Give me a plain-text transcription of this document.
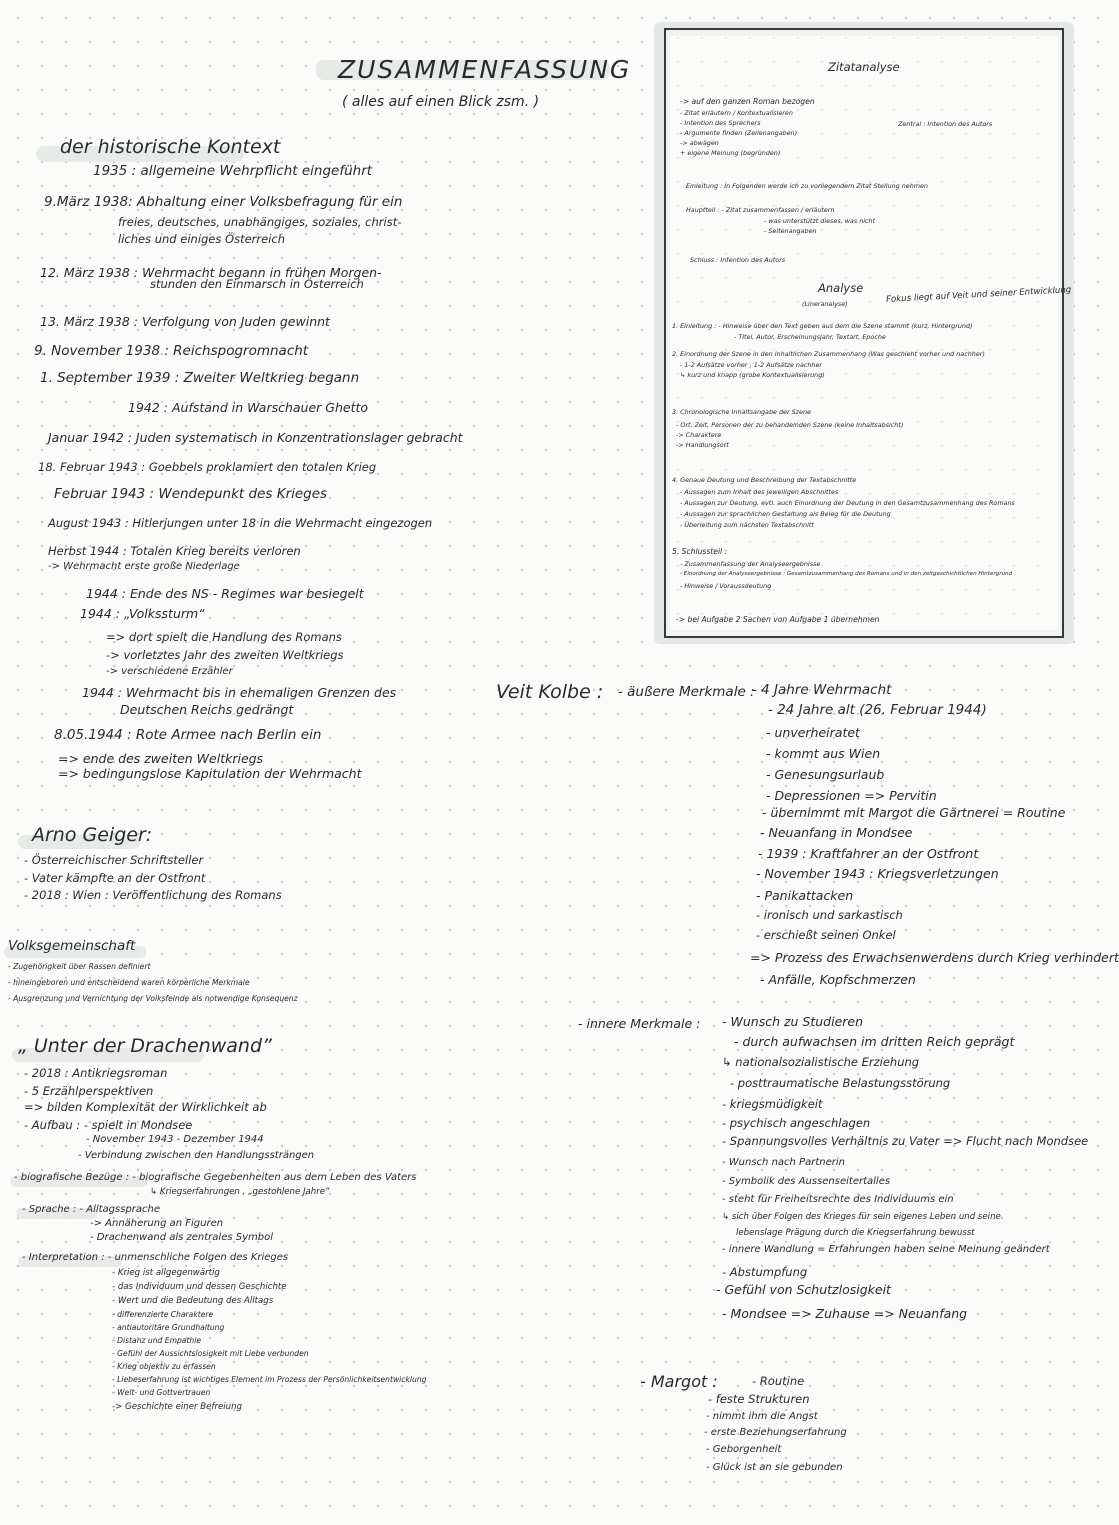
ZUSAMMENFASSUNG
( alles auf einen Blick zsm. )
der historische Kontext
1935 : allgemeine Wehrpflicht eingeführt
9.März 1938: Abhaltung einer Volksbefragung für ein
freies, deutsches, unabhängiges, soziales, christ-
liches und einiges Österreich
12. März 1938 : Wehrmacht begann in frühen Morgen-
stunden den Einmarsch in Österreich
13. März 1938 : Verfolgung von Juden gewinnt
9. November 1938 : Reichspogromnacht
1. September 1939 : Zweiter Weltkrieg begann
1942 : Aufstand in Warschauer Ghetto
Januar 1942 : Juden systematisch in Konzentrationslager gebracht
18. Februar 1943 : Goebbels proklamiert den totalen Krieg
Februar 1943 : Wendepunkt des Krieges
August 1943 : Hitlerjungen unter 18 in die Wehrmacht eingezogen
Herbst 1944 : Totalen Krieg bereits verloren
-> Wehrmacht erste große Niederlage
1944 : Ende des NS - Regimes war besiegelt
1944 : „Volkssturm“
=> dort spielt die Handlung des Romans
-> vorletztes Jahr des zweiten Weltkriegs
-> verschiedene Erzähler
1944 : Wehrmacht bis in ehemaligen Grenzen des
Deutschen Reichs gedrängt
8.05.1944 : Rote Armee nach Berlin ein
=> ende des zweiten Weltkriegs
=> bedingungslose Kapitulation der Wehrmacht
Arno Geiger:
- Österreichischer Schriftsteller
- Vater kämpfte an der Ostfront
- 2018 : Wien : Veröffentlichung des Romans
Volksgemeinschaft
- Zugehörigkeit über Rassen definiert
- hineingeboren und entscheidend waren körperliche Merkmale
- Ausgrenzung und Vernichtung der Volksfeinde als notwendige Konsequenz
„ Unter der Drachenwand”
- 2018 : Antikriegsroman
- 5 Erzählperspektiven
=> bilden Komplexität der Wirklichkeit ab
- Aufbau : - spielt in Mondsee
- November 1943 - Dezember 1944
- Verbindung zwischen den Handlungssträngen
- biografische Bezüge : - biografische Gegebenheiten aus dem Leben des Vaters
↳ Kriegserfahrungen , „gestohlene Jahre”
- Sprache : - Alltagssprache
-> Annäherung an Figuren
- Drachenwand als zentrales Symbol
- Interpretation : - unmenschliche Folgen des Krieges
- Krieg ist allgegenwärtig
- das Individuum und dessen Geschichte
- Wert und die Bedeutung des Alltags
- differenzierte Charaktere
- antiautoritäre Grundhaltung
- Distanz und Empathie
- Gefühl der Aussichtslosigkeit mit Liebe verbunden
- Krieg objektiv zu erfassen
- Liebeserfahrung ist wichtiges Element im Prozess der Persönlichkeitsentwicklung
- Welt- und Gottvertrauen
-> Geschichte einer Befreiung
Zitatanalyse
Zentral : Intention des Autors
-> auf den ganzen Roman bezogen
- Zitat erläutern / Kontextualisieren
- Intention des Sprechers
- Argumente finden (Zeilenangaben)
-> abwägen
+ eigene Meinung (begründen)
Einleitung : In Folgenden werde ich zu vorliegendem Zitat Stellung nehmen
Hauptteil : - Zitat zusammenfassen / erläutern
- was unterstützt dieses, was nicht
- Seitenangaben
Schluss : Intention des Autors
Analyse
(Lineranalyse)	Fokus liegt auf Veit und seiner Entwicklung
1. Einleitung : - Hinweise über den Text geben aus dem die Szene stammt (kurz, Hintergrund)
- Titel, Autor, Erscheinungsjahr, Textart, Epoche
2. Einordnung der Szene in den inhaltlichen Zusammenhang (Was geschieht vorher und nachher)
- 1-2 Aufsätze vorher ; 1-2 Aufsätze nachher
↳ kurz und knapp (grobe Kontextualisierung)
3. Chronologische Inhaltsangabe der Szene
- Ort, Zeit, Personen der zu behandelnden Szene (keine Inhaltsabsicht)
-> Charaktere
-> Handlungsort
4. Genaue Deutung und Beschreibung der Textabschnitte
- Aussagen zum Inhalt des jeweiligen Abschnittes
- Aussagen zur Deutung, evtl. auch Einordnung der Deutung in den Gesamtzusammenhang des Romans
- Aussagen zur sprachlichen Gestaltung als Beleg für die Deutung
- Überleitung zum nächsten Textabschnitt
5. Schlussteil :
- Zusammenfassung der Analyseergebnisse
- Einordnung der Analyseergebnisse : Gesamtzusammenhang des Romans und in den zeitgeschichtlichen Hintergrund
- Hinweise / Voraussdeutung
-> bei Aufgabe 2 Sachen von Aufgabe 1 übernehmen
Veit Kolbe : - äußere Merkmale :
- 4 Jahre Wehrmacht
- 24 Jahre alt (26. Februar 1944)
- unverheiratet
- kommt aus Wien
- Genesungsurlaub
- Depressionen => Pervitin
- übernimmt mit Margot die Gärtnerei = Routine
- Neuanfang in Mondsee
- 1939 : Kraftfahrer an der Ostfront
- November 1943 : Kriegsverletzungen
- Panikattacken
- ironisch und sarkastisch
- erschießt seinen Onkel
=> Prozess des Erwachsenwerdens durch Krieg verhindert
- Anfälle, Kopfschmerzen
- innere Merkmale : - Wunsch zu Studieren
- durch aufwachsen im dritten Reich geprägt
↳ nationalsozialistische Erziehung
- posttraumatische Belastungsstörung
- kriegsmüdigkeit
- psychisch angeschlagen
- Spannungsvolles Verhältnis zu Vater => Flucht nach Mondsee
- Wunsch nach Partnerin
- Symbolik des Aussenseitertalles
- steht für Freiheitsrechte des Individuums ein
↳ sich über Folgen des Krieges für sein eigenes Leben und seine
lebenslage Prägung durch die Kriegserfahrung bewusst
- innere Wandlung = Erfahrungen haben seine Meinung geändert
- Abstumpfung
- Gefühl von Schutzlosigkeit
- Mondsee => Zuhause => Neuanfang
- Margot :	- Routine
- feste Strukturen
- nimmt ihm die Angst
- erste Beziehungserfahrung
- Geborgenheit
- Glück ist an sie gebunden
